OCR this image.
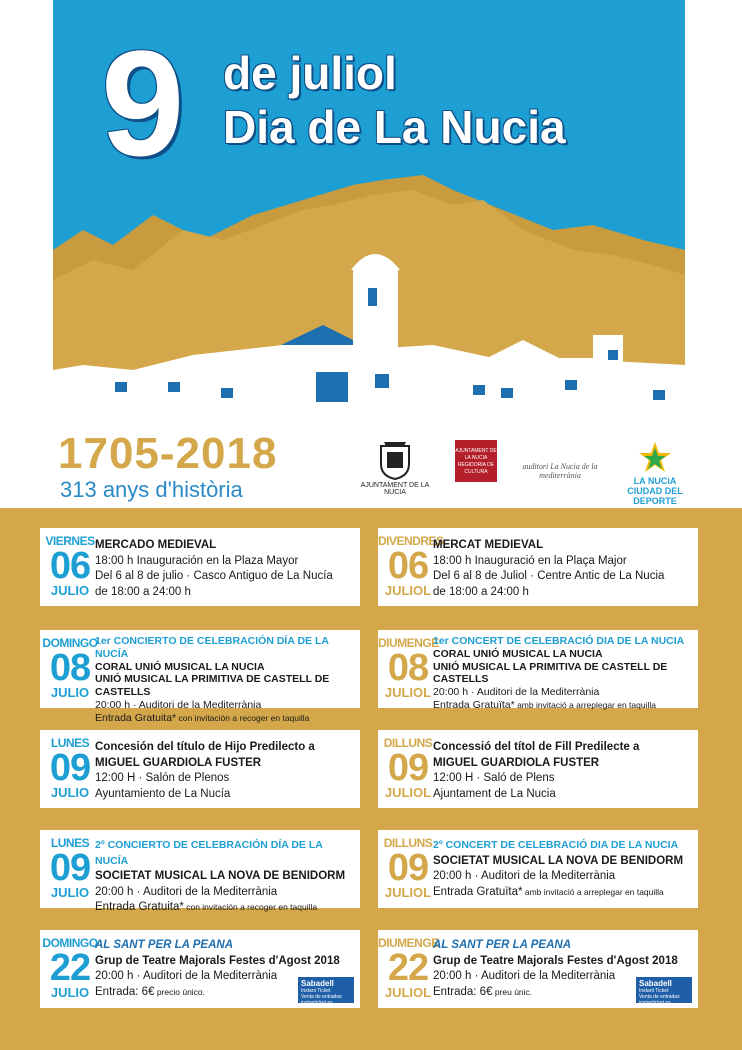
9 de juliol
Dia de La Nucia
1705-2018
313 anys d'història	AJUNTAMENT DE LA NUCIA
AJUNTAMENT DE LA NUCIA REGIDORIA DE CULTURA
auditori La Nucia de la mediterrània
LA NUCiA CIUDAD DEL DEPORTE
VIERNES
06
JULIO
MERCADO MEDIEVAL
18:00 h Inauguración en la Plaza Mayor
Del 6 al 8 de julio · Casco Antiguo de La Nucía
de 18:00 a 24:00 h
DIVENDRES
06
JULIOL
MERCAT MEDIEVAL
18:00 h Inauguració en la Plaça Major
Del 6 al 8 de Juliol · Centre Antic de La Nucia
de 18:00 a 24:00 h
DOMINGO
08
JULIO
1er CONCIERTO DE CELEBRACIÓN DÍA DE LA NUCÍA
CORAL UNIÓ MUSICAL LA NUCIA
UNIÓ MUSICAL LA PRIMITIVA DE CASTELL DE CASTELLS
20:00 h · Auditori de la Mediterrània
Entrada Gratuita* con invitación a recoger en taquilla
DIUMENGE
08
JULIOL
1er CONCERT DE CELEBRACIÓ DIA DE LA NUCIA
CORAL UNIÓ MUSICAL LA NUCIA
UNIÓ MUSICAL LA PRIMITIVA DE CASTELL DE CASTELLS
20:00 h · Auditori de la Mediterrània
Entrada Gratuïta* amb invitació a arreplegar en taquilla
LUNES
09
JULIO
Concesión del título de Hijo Predilecto a
MIGUEL GUARDIOLA FUSTER
12:00 H · Salón de Plenos
Ayuntamiento de La Nucía
DILLUNS
09
JULIOL
Concessió del títol de Fill Predilecte a
MIGUEL GUARDIOLA FUSTER
12:00 H · Saló de Plens
Ajuntament de La Nucia
LUNES
09
JULIO
2º CONCIERTO DE CELEBRACIÓN DÍA DE LA NUCÍA
SOCIETAT MUSICAL LA NOVA DE BENIDORM
20:00 h · Auditori de la Mediterrània
Entrada Gratuita* con invitación a recoger en taquilla
DILLUNS
09
JULIOL
2º CONCERT DE CELEBRACIÓ DIA DE LA NUCIA
SOCIETAT MUSICAL LA NOVA DE BENIDORM
20:00 h · Auditori de la Mediterrània
Entrada Gratuïta* amb invitació a arreplegar en taquilla
DOMINGO
22
JULIO
AL SANT PER LA PEANA
Grup de Teatre Majorals Festes d'Agost 2018
20:00 h · Auditori de la Mediterrània
Entrada: 6€ precio único.
Sabadell
Instant Ticket
Venta de entradas
instanticket.es
DIUMENGE
22
JULIOL
AL SANT PER LA PEANA
Grup de Teatre Majorals Festes d'Agost 2018
20:00 h · Auditori de la Mediterrània
Entrada: 6€ preu únic.
Sabadell
Instant Ticket
Venta de entradas
instanticket.es
